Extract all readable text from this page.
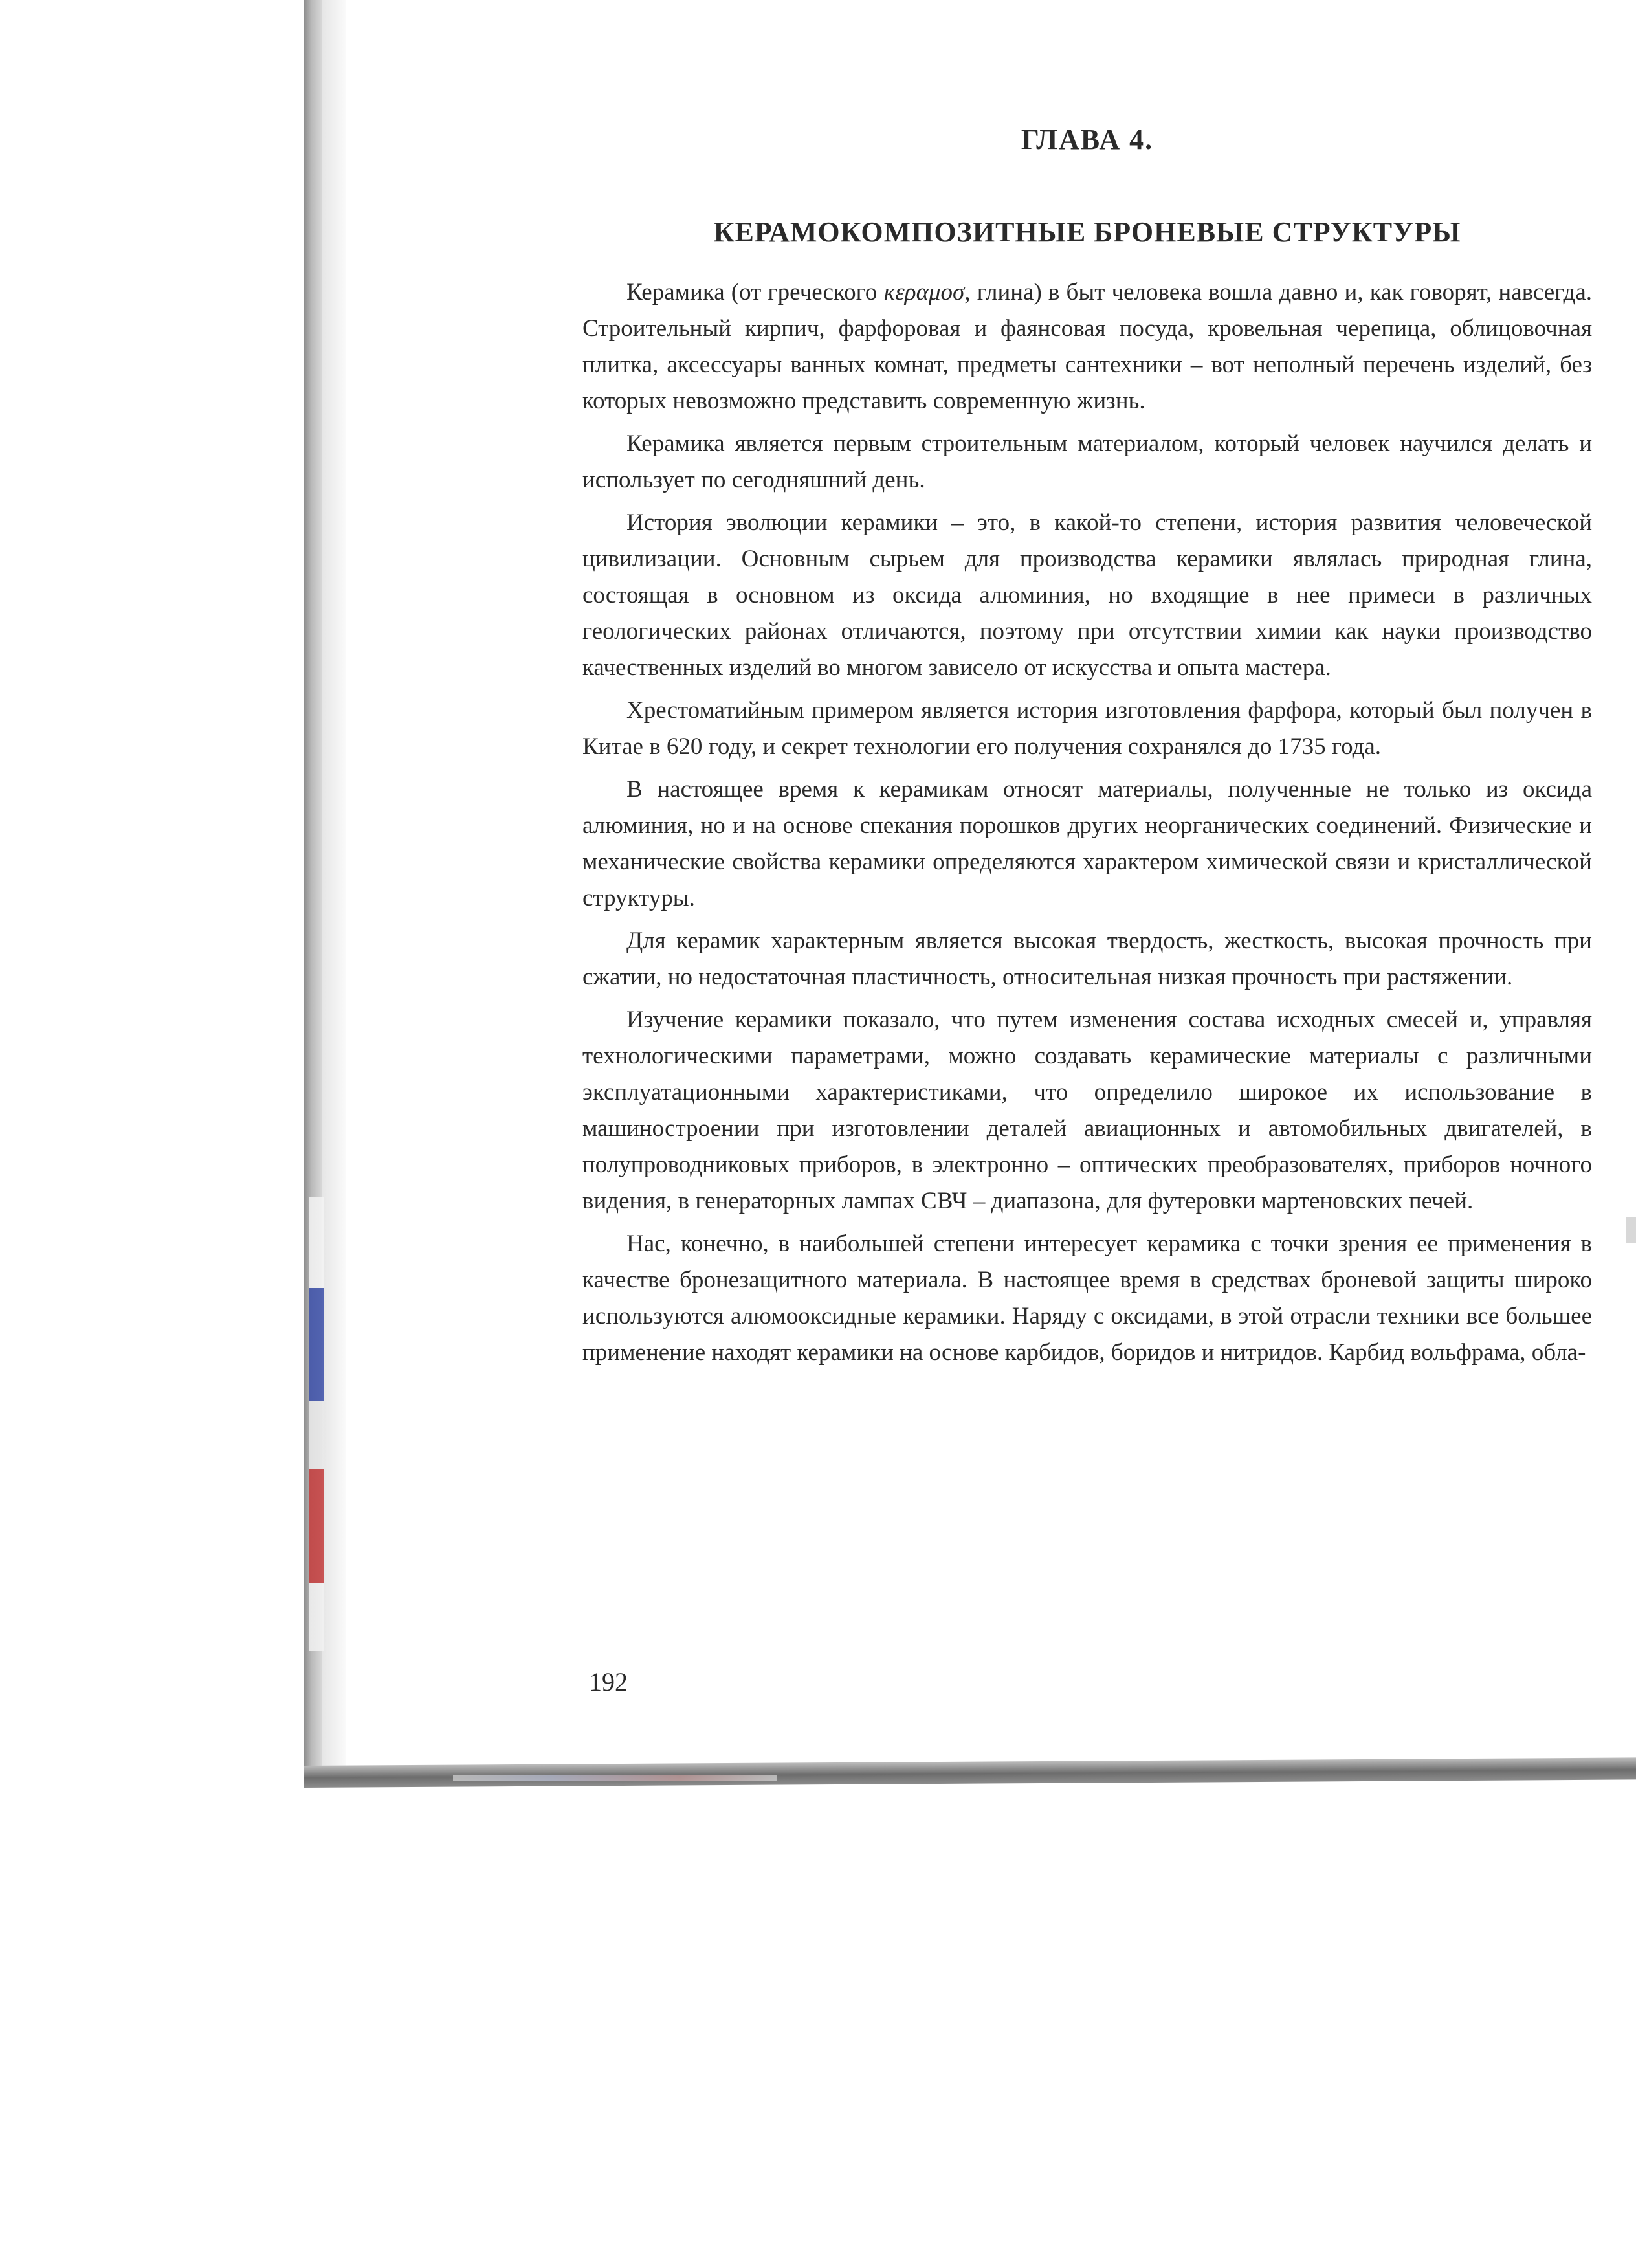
ГЛАВА 4.
КЕРАМОКОМПОЗИТНЫЕ БРОНЕВЫЕ СТРУКТУРЫ

Керамика (от греческого κεραμοσ, глина) в быт человека вошла давно и, как говорят, навсегда. Строительный кирпич, фарфоровая и фаянсовая посуда, кровельная черепица, облицовочная плитка, аксессуары ванных комнат, предметы сантехники – вот неполный перечень изделий, без которых невозможно представить современную жизнь.

Керамика является первым строительным материалом, который человек научился делать и использует по сегодняшний день.

История эволюции керамики – это, в какой-то степени, история развития человеческой цивилизации. Основным сырьем для производства керамики являлась природная глина, состоящая в основном из оксида алюминия, но входящие в нее примеси в различных геологических районах отличаются, поэтому при отсутствии химии как науки производство качественных изделий во многом зависело от искусства и опыта мастера.

Хрестоматийным примером является история изготовления фарфора, который был получен в Китае в 620 году, и секрет технологии его получения сохранялся до 1735 года.

В настоящее время к керамикам относят материалы, полученные не только из оксида алюминия, но и на основе спекания порошков других неорганических соединений. Физические и механические свойства керамики определяются характером химической связи и кристаллической структуры.

Для керамик характерным является высокая твердость, жесткость, высокая прочность при сжатии, но недостаточная пластичность, относительная низкая прочность при растяжении.

Изучение керамики показало, что путем изменения состава исходных смесей и, управляя технологическими параметрами, можно создавать керамические материалы с различными эксплуатационными характеристиками, что определило широкое их использование в машиностроении при изготовлении деталей авиационных и автомобильных двигателей, в полупроводниковых приборов, в электронно – оптических преобразователях, приборов ночного видения, в генераторных лампах СВЧ – диапазона, для футеровки мартеновских печей.

Нас, конечно, в наибольшей степени интересует керамика с точки зрения ее применения в качестве бронезащитного материала. В настоящее время в средствах броневой защиты широко используются алюмооксидные керамики. Наряду с оксидами, в этой отрасли техники все большее применение находят керамики на основе карбидов, боридов и нитридов. Карбид вольфрама, обла-

192
